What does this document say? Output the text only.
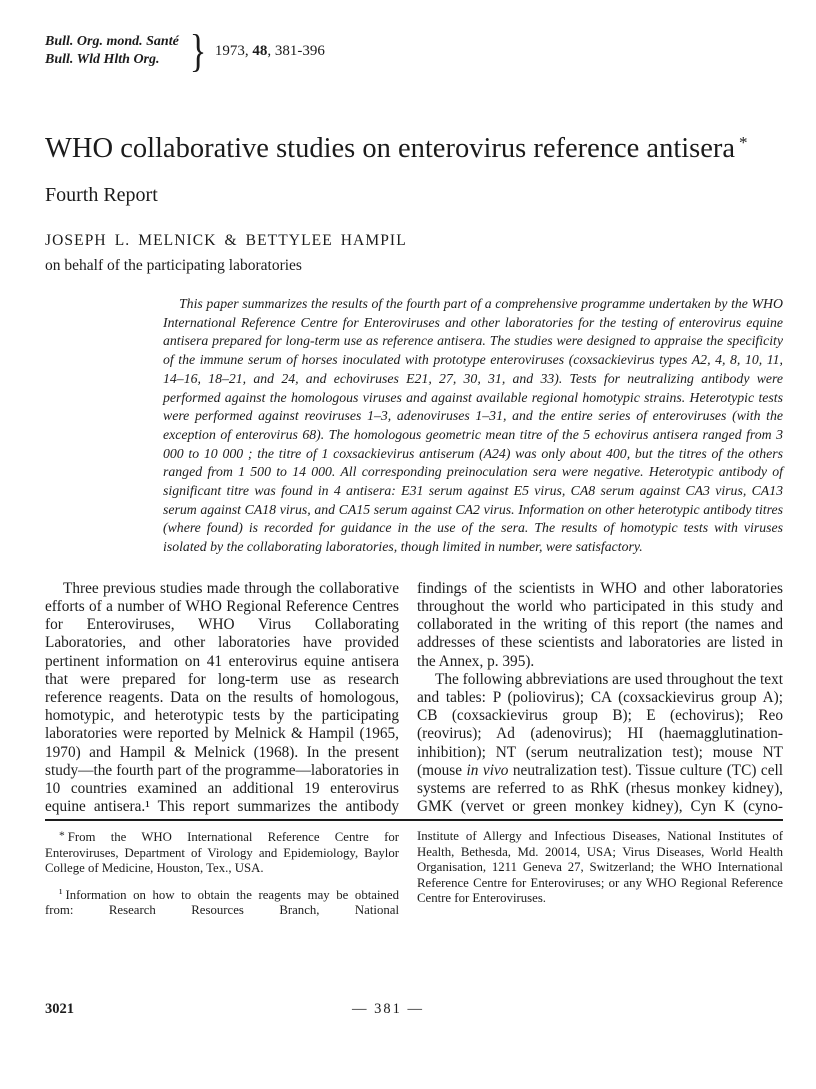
Bull. Org. mond. Santé
Bull. Wld Hlth Org. } 1973, 48, 381-396
WHO collaborative studies on enterovirus reference antisera *
Fourth Report
JOSEPH L. MELNICK & BETTYLEE HAMPIL
on behalf of the participating laboratories
This paper summarizes the results of the fourth part of a comprehensive programme undertaken by the WHO International Reference Centre for Enteroviruses and other laboratories for the testing of enterovirus equine antisera prepared for long-term use as reference antisera. The studies were designed to appraise the specificity of the immune serum of horses inoculated with prototype enteroviruses (coxsackievirus types A2, 4, 8, 10, 11, 14–16, 18–21, and 24, and echoviruses E21, 27, 30, 31, and 33). Tests for neutralizing antibody were performed against the homologous viruses and against available regional homotypic strains. Heterotypic tests were performed against reoviruses 1–3, adenoviruses 1–31, and the entire series of enteroviruses (with the exception of enterovirus 68). The homologous geometric mean titre of the 5 echovirus antisera ranged from 3 000 to 10 000 ; the titre of 1 coxsackievirus antiserum (A24) was only about 400, but the titres of the others ranged from 1 500 to 14 000. All corresponding preinoculation sera were negative. Heterotypic antibody of significant titre was found in 4 antisera: E31 serum against E5 virus, CA8 serum against CA3 virus, CA13 serum against CA18 virus, and CA15 serum against CA2 virus. Information on other heterotypic antibody titres (where found) is recorded for guidance in the use of the sera. The results of homotypic tests with viruses isolated by the collaborating laboratories, though limited in number, were satisfactory.

Three previous studies made through the collaborative efforts of a number of WHO Regional Reference Centres for Enteroviruses, WHO Virus Collaborating Laboratories, and other laboratories have provided pertinent information on 41 enterovirus equine antisera that were prepared for long-term use as research reference reagents. Data on the results of homologous, homotypic, and heterotypic tests by the participating laboratories were reported by Melnick & Hampil (1965, 1970) and Hampil & Melnick (1968). In the present study—the fourth part of the programme—laboratories in 10 countries examined an additional 19 enterovirus equine antisera.¹ This report summarizes the antibody

findings of the scientists in WHO and other laboratories throughout the world who participated in this study and collaborated in the writing of this report (the names and addresses of these scientists and laboratories are listed in the Annex, p. 395).

The following abbreviations are used throughout the text and tables: P (poliovirus); CA (coxsackievirus group A); CB (coxsackievirus group B); E (echovirus); Reo (reovirus); Ad (adenovirus); HI (haemagglutination-inhibition); NT (serum neutralization test); mouse NT (mouse in vivo neutralization test). Tissue culture (TC) cell systems are referred to as RhK (rhesus monkey kidney), GMK (vervet or green monkey kidney), Cyn K (cyno-

* From the WHO International Reference Centre for Enteroviruses, Department of Virology and Epidemiology, Baylor College of Medicine, Houston, Tex., USA.

¹ Information on how to obtain the reagents may be obtained from: Research Resources Branch, National

Institute of Allergy and Infectious Diseases, National Institutes of Health, Bethesda, Md. 20014, USA; Virus Diseases, World Health Organisation, 1211 Geneva 27, Switzerland; the WHO International Reference Centre for Enteroviruses; or any WHO Regional Reference Centre for Enteroviruses.

3021	— 381 —
